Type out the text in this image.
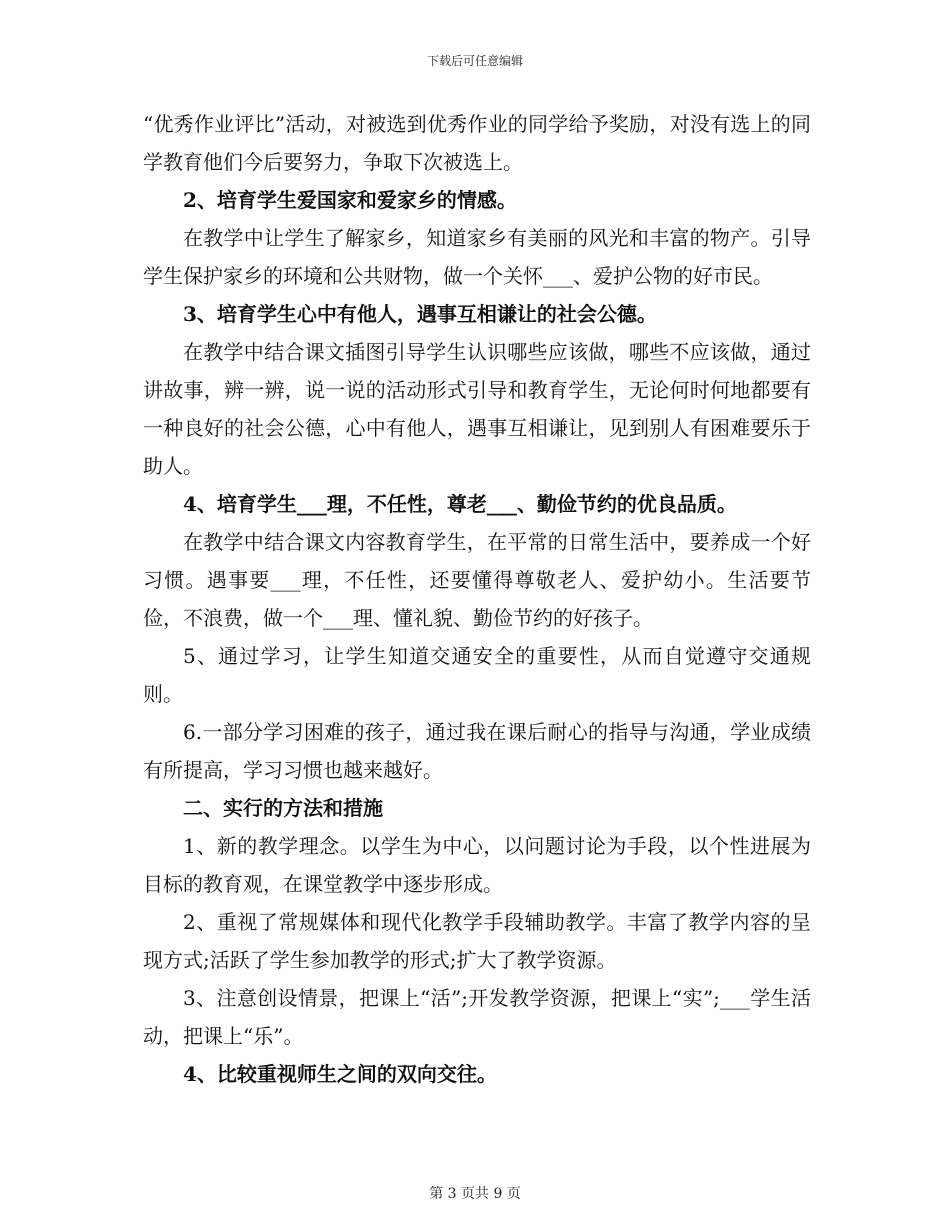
下载后可任意编辑

“优秀作业评比”活动，对被选到优秀作业的同学给予奖励，对没有选上的同学教育他们今后要努力，争取下次被选上。

2、培育学生爱国家和爱家乡的情感。

在教学中让学生了解家乡，知道家乡有美丽的风光和丰富的物产。引导学生保护家乡的环境和公共财物，做一个关怀___、爱护公物的好市民。

3、培育学生心中有他人，遇事互相谦让的社会公德。

在教学中结合课文插图引导学生认识哪些应该做，哪些不应该做，通过讲故事，辨一辨，说一说的活动形式引导和教育学生，无论何时何地都要有一种良好的社会公德，心中有他人，遇事互相谦让，见到别人有困难要乐于助人。

4、培育学生___理，不任性，尊老___、勤俭节约的优良品质。

在教学中结合课文内容教育学生，在平常的日常生活中，要养成一个好习惯。遇事要___理，不任性，还要懂得尊敬老人、爱护幼小。生活要节俭，不浪费，做一个___理、懂礼貌、勤俭节约的好孩子。

5、通过学习，让学生知道交通安全的重要性，从而自觉遵守交通规则。

6.一部分学习困难的孩子，通过我在课后耐心的指导与沟通，学业成绩有所提高，学习习惯也越来越好。

二、实行的方法和措施

1、新的教学理念。以学生为中心，以问题讨论为手段，以个性进展为目标的教育观，在课堂教学中逐步形成。

2、重视了常规媒体和现代化教学手段辅助教学。丰富了教学内容的呈现方式;活跃了学生参加教学的形式;扩大了教学资源。

3、注意创设情景，把课上“活”;开发教学资源，把课上“实”;___学生活动，把课上“乐”。

4、比较重视师生之间的双向交往。

第 3 页共 9 页
